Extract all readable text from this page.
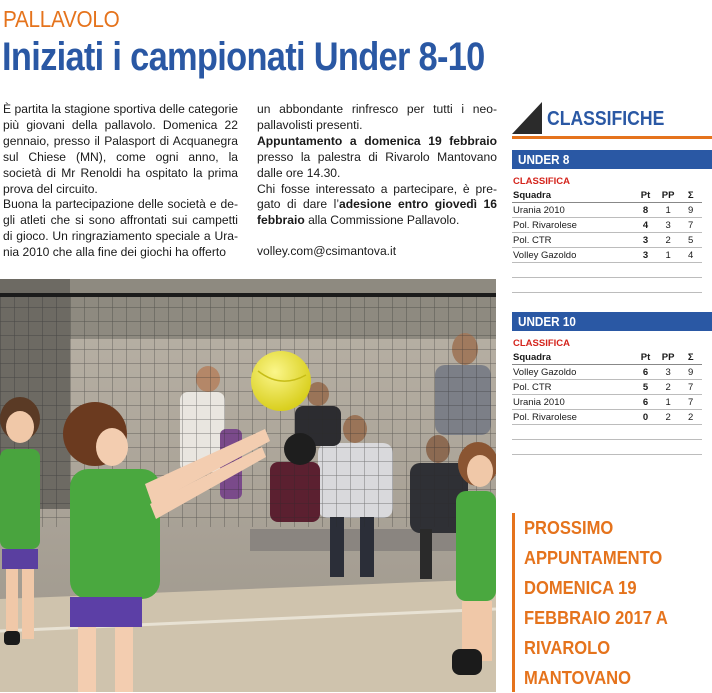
PALLAVOLO
Iniziati i campionati Under 8-10

È partita la stagione sportiva delle categorie più giovani della pallavolo. Domenica 22 gennaio, presso il Palasport di Acquanegra sul Chiese (MN), come ogni anno, la società di Mr Renoldi ha ospitato la prima prova del circuito.

Buona la partecipazione delle società e degli atleti che si sono affrontati sui campetti di gioco. Un ringraziamento speciale a Urania 2010 che alla fine dei giochi ha offerto

un abbondante rinfresco per tutti i neo-pallavolisti presenti.

Appuntamento a domenica 19 febbraio presso la palestra di Rivarolo Mantovano dalle ore 14.30.

Chi fosse interessato a partecipare, è pregato di dare l’adesione entro giovedì 16 febbraio alla Commissione Pallavolo.

volley.com@csimantova.it

CLASSIFICHE
UNDER 8
CLASSIFICA
Squadra	Pt	PP	Σ
Urania 2010	8	1	9
Pol. Rivarolese	4	3	7
Pol. CTR	3	2	5
Volley Gazoldo	3	1	4

UNDER 10
CLASSIFICA
Squadra	Pt	PP	Σ
Volley Gazoldo	6	3	9
Pol. CTR	5	2	7
Urania 2010	6	1	7
Pol. Rivarolese	0	2	2

PROSSIMO APPUNTAMENTO DOMENICA 19 FEBBRAIO 2017 A RIVAROLO MANTOVANO
